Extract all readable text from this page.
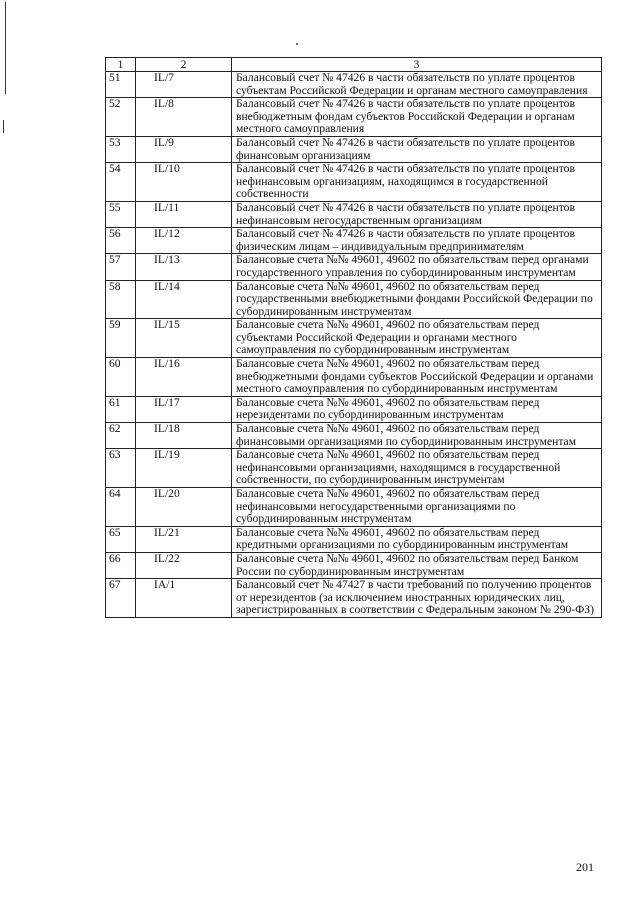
1	2	3
51	IL/7	Балансовый счет № 47426 в части обязательств по уплате процентов субъектам Российской Федерации и органам местного самоуправления
52	IL/8	Балансовый счет № 47426 в части обязательств по уплате процентов внебюджетным фондам субъектов Российской Федерации и органам местного самоуправления
53	IL/9	Балансовый счет № 47426 в части обязательств по уплате процентов финансовым организациям
54	IL/10	Балансовый счет № 47426 в части обязательств по уплате процентов нефинансовым организациям, находящимся в государственной собственности
55	IL/11	Балансовый счет № 47426 в части обязательств по уплате процентов нефинансовым негосударственным организациям
56	IL/12	Балансовый счет № 47426 в части обязательств по уплате процентов физическим лицам – индивидуальным предпринимателям
57	IL/13	Балансовые счета №№ 49601, 49602 по обязательствам перед органами государственного управления по субординированным инструментам
58	IL/14	Балансовые счета №№ 49601, 49602 по обязательствам перед государственными внебюджетными фондами Российской Федерации по субординированным инструментам
59	IL/15	Балансовые счета №№ 49601, 49602 по обязательствам перед субъектами Российской Федерации и органами местного самоуправления по субординированным инструментам
60	IL/16	Балансовые счета №№ 49601, 49602 по обязательствам перед внебюджетными фондами субъектов Российской Федерации и органами местного самоуправления по субординированным инструментам
61	IL/17	Балансовые счета №№ 49601, 49602 по обязательствам перед нерезидентами по субординированным инструментам
62	IL/18	Балансовые счета №№ 49601, 49602 по обязательствам перед финансовыми организациями по субординированным инструментам
63	IL/19	Балансовые счета №№ 49601, 49602 по обязательствам перед нефинансовыми организациями, находящимся в государственной собственности, по субординированным инструментам
64	IL/20	Балансовые счета №№ 49601, 49602 по обязательствам перед нефинансовыми негосударственными организациями по субординированным инструментам
65	IL/21	Балансовые счета №№ 49601, 49602 по обязательствам перед кредитными организациями по субординированным инструментам
66	IL/22	Балансовые счета №№ 49601, 49602 по обязательствам перед Банком России по субординированным инструментам
67	IA/1	Балансовый счет № 47427 в части требований по получению процентов от нерезидентов (за исключением иностранных юридических лиц, зарегистрированных в соответствии с Федеральным законом № 290-ФЗ)
201
